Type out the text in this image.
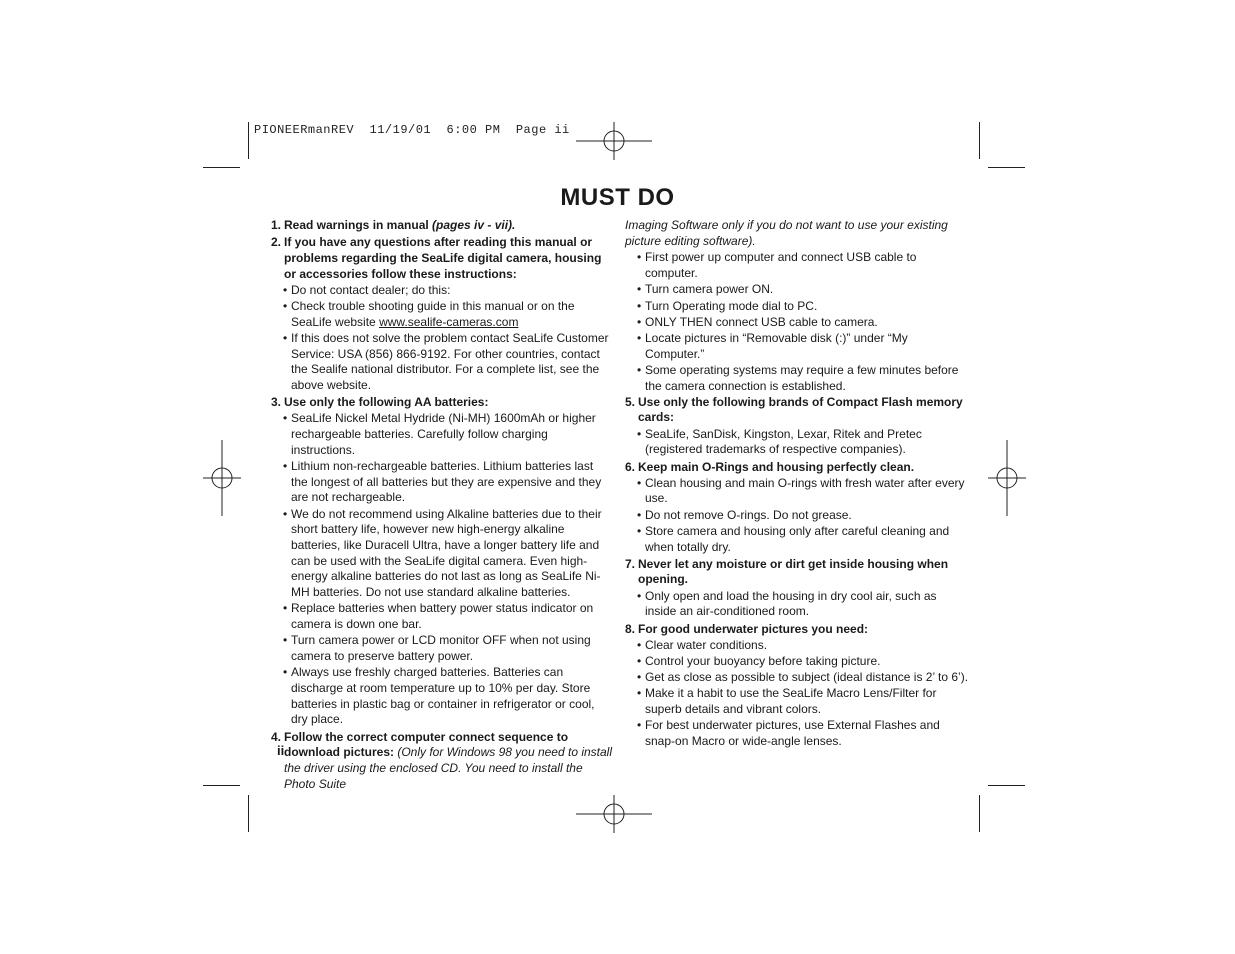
PIONEERmanREV  11/19/01  6:00 PM  Page ii
MUST DO
1. Read warnings in manual (pages iv - vii).
2. If you have any questions after reading this manual or problems regarding the SeaLife digital camera, housing or accessories follow these instructions:
• Do not contact dealer; do this:
• Check trouble shooting guide in this manual or on the SeaLife website www.sealife-cameras.com
• If this does not solve the problem contact SeaLife Customer Service: USA (856) 866-9192. For other countries, contact the Sealife national distributor. For a complete list, see the above website.
3. Use only the following AA batteries:
• SeaLife Nickel Metal Hydride (Ni-MH) 1600mAh or higher rechargeable batteries. Carefully follow charging instructions.
• Lithium non-rechargeable batteries. Lithium batteries last the longest of all batteries but they are expensive and they are not rechargeable.
• We do not recommend using Alkaline batteries due to their short battery life, however new high-energy alkaline batteries, like Duracell Ultra, have a longer battery life and can be used with the SeaLife digital camera. Even high-energy alkaline batteries do not last as long as SeaLife Ni-MH batteries. Do not use standard alkaline batteries.
• Replace batteries when battery power status indicator on camera is down one bar.
• Turn camera power or LCD monitor OFF when not using camera to preserve battery power.
• Always use freshly charged batteries. Batteries can discharge at room temperature up to 10% per day. Store batteries in plastic bag or container in refrigerator or cool, dry place.
4. Follow the correct computer connect sequence to download pictures: (Only for Windows 98 you need to install the driver using the enclosed CD. You need to install the Photo Suite
Imaging Software only if you do not want to use your existing picture editing software).
• First power up computer and connect USB cable to computer.
• Turn camera power ON.
• Turn Operating mode dial to PC.
• ONLY THEN connect USB cable to camera.
• Locate pictures in “Removable disk (:)” under “My Computer.”
• Some operating systems may require a few minutes before the camera connection is established.
5. Use only the following brands of Compact Flash memory cards:
• SeaLife, SanDisk, Kingston, Lexar, Ritek and Pretec (registered trademarks of respective companies).
6. Keep main O-Rings and housing perfectly clean.
• Clean housing and main O-rings with fresh water after every use.
• Do not remove O-rings. Do not grease.
• Store camera and housing only after careful cleaning and when totally dry.
7. Never let any moisture or dirt get inside housing when opening.
• Only open and load the housing in dry cool air, such as inside an air-conditioned room.
8. For good underwater pictures you need:
• Clear water conditions.
• Control your buoyancy before taking picture.
• Get as close as possible to subject (ideal distance is 2’ to 6’).
• Make it a habit to use the SeaLife Macro Lens/Filter for superb details and vibrant colors.
• For best underwater pictures, use External Flashes and snap-on Macro or wide-angle lenses.
ii
